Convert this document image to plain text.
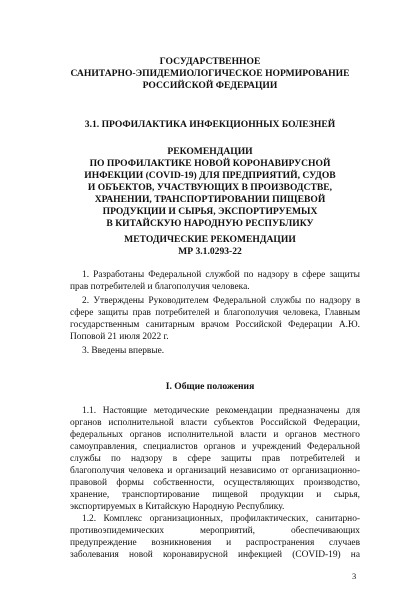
ГОСУДАРСТВЕННОЕ
САНИТАРНО-ЭПИДЕМИОЛОГИЧЕСКОЕ НОРМИРОВАНИЕ
РОССИЙСКОЙ ФЕДЕРАЦИИ
3.1. ПРОФИЛАКТИКА ИНФЕКЦИОННЫХ БОЛЕЗНЕЙ
РЕКОМЕНДАЦИИ
ПО ПРОФИЛАКТИКЕ НОВОЙ КОРОНАВИРУСНОЙ
ИНФЕКЦИИ (COVID-19) ДЛЯ ПРЕДПРИЯТИЙ, СУДОВ
И ОБЪЕКТОВ, УЧАСТВУЮЩИХ В ПРОИЗВОДСТВЕ,
ХРАНЕНИИ, ТРАНСПОРТИРОВАНИИ ПИЩЕВОЙ
ПРОДУКЦИИ И СЫРЬЯ, ЭКСПОРТИРУЕМЫХ
В КИТАЙСКУЮ НАРОДНУЮ РЕСПУБЛИКУ
МЕТОДИЧЕСКИЕ РЕКОМЕНДАЦИИ
МР 3.1.0293-22
1. Разработаны Федеральной службой по надзору в сфере защиты
прав потребителей и благополучия человека.
2. Утверждены Руководителем Федеральной службы по надзору в
сфере защиты прав потребителей и благополучия человека, Главным
государственным санитарным врачом Российской Федерации А.Ю.
Поповой 21 июля 2022 г.
3. Введены впервые.
I. Общие положения
1.1. Настоящие методические рекомендации предназначены для
органов исполнительной власти субъектов Российской Федерации,
федеральных органов исполнительной власти и органов местного
самоуправления, специалистов органов и учреждений Федеральной
службы по надзору в сфере защиты прав потребителей и
благополучия человека и организаций независимо от организационно-
правовой формы собственности, осуществляющих производство,
хранение, транспортирование пищевой продукции и сырья,
экспортируемых в Китайскую Народную Республику.
1.2. Комплекс организационных, профилактических, санитарно-
противоэпидемических мероприятий, обеспечивающих
предупреждение возникновения и распространения случаев
заболевания новой коронавирусной инфекцией (COVID-19) на
3
